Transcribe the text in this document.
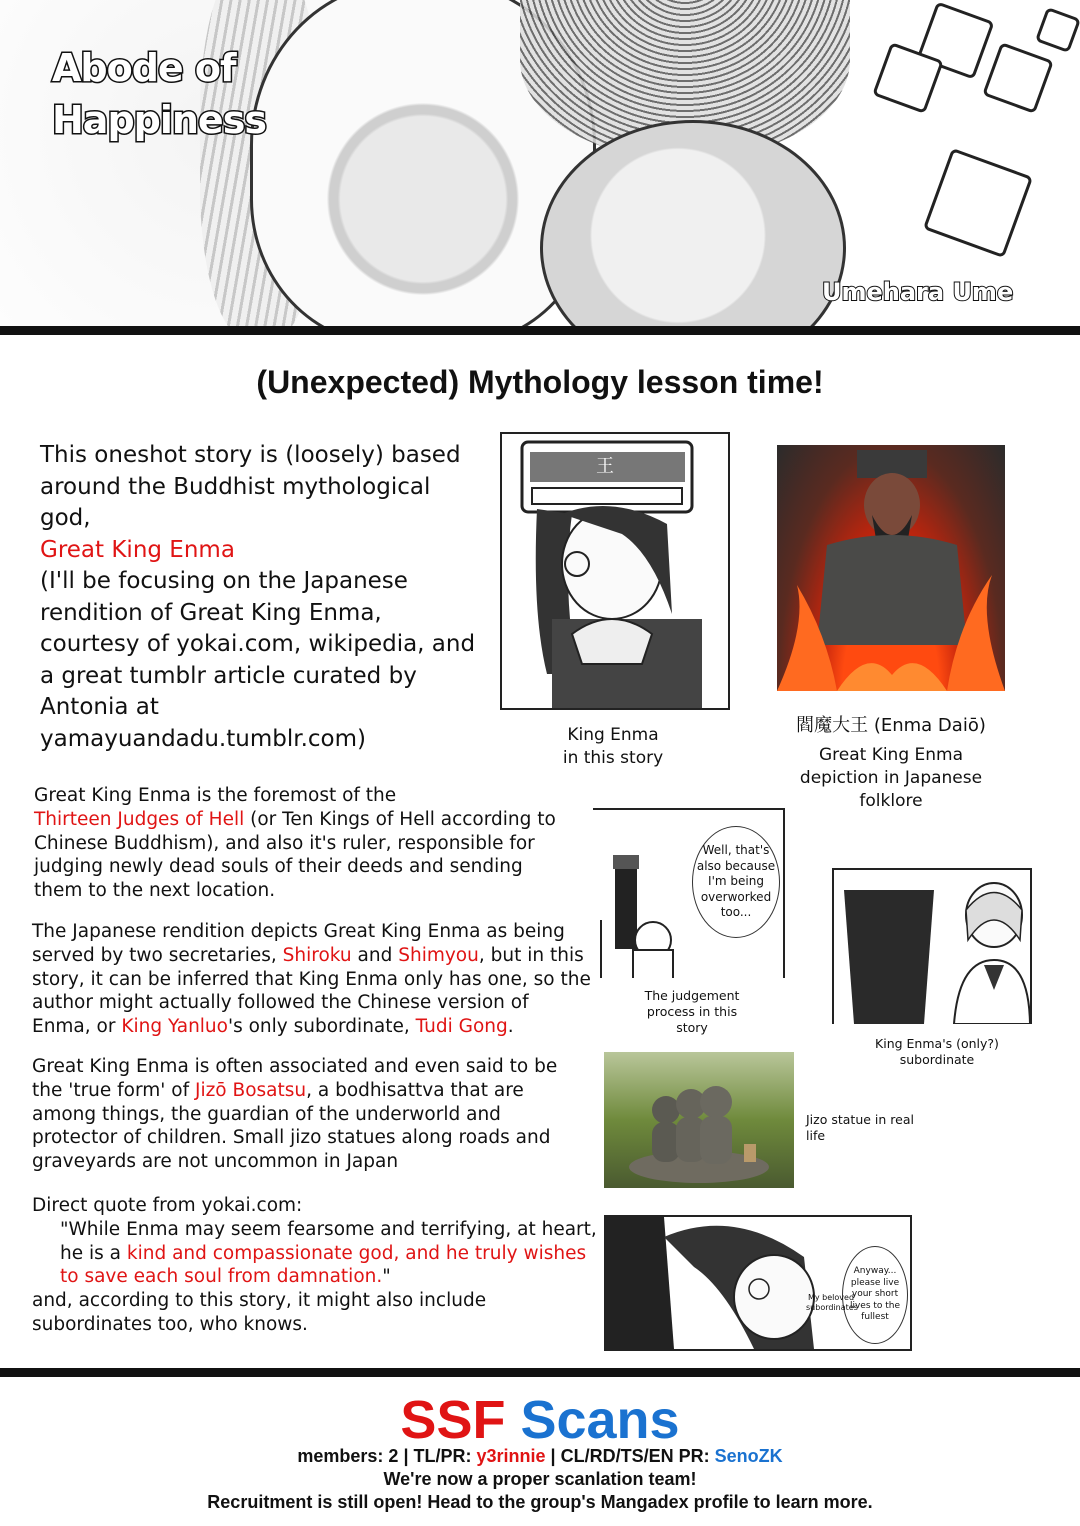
Abode of
Happiness
Umehara Ume
(Unexpected) Mythology lesson time!
This oneshot story is (loosely) based around the Buddhist mythological god,
Great King Enma
(I'll be focusing on the Japanese rendition of Great King Enma, courtesy of yokai.com, wikipedia, and a great tumblr article curated by Antonia at yamayuandadu.tumblr.com)
王
King Enma
in this story
閻魔大王 (Enma Daiō)
Great King Enma depiction in Japanese folklore
Great King Enma is the foremost of the
Thirteen Judges of Hell (or Ten Kings of Hell according to Chinese Buddhism), and also it's ruler, responsible for judging newly dead souls of their deeds and sending them to the next location.
Well, that's also because I'm being overworked too...
The judgement process in this story
King Enma's (only?) subordinate
The Japanese rendition depicts Great King Enma as being served by two secretaries, Shiroku and Shimyou, but in this story, it can be inferred that King Enma only has one, so the author might actually followed the Chinese version of Enma, or King Yanluo's only subordinate, Tudi Gong.
Jizo statue in real life
Great King Enma is often associated and even said to be the 'true form' of Jizō Bosatsu, a bodhisattva that are among things, the guardian of the underworld and protector of children. Small jizo statues along roads and graveyards are not uncommon in Japan
Direct quote from yokai.com:
"While Enma may seem fearsome and terrifying, at heart, he is a kind and compassionate god, and he truly wishes to save each soul from damnation."
and, according to this story, it might also include subordinates too, who knows.
Anyway... please live your short lives to the fullest
My beloved subordinates
SSF Scans
members: 2 | TL/PR: y3rinnie | CL/RD/TS/EN PR: SenoZK
We're now a proper scanlation team!
Recruitment is still open! Head to the group's Mangadex profile to learn more.
